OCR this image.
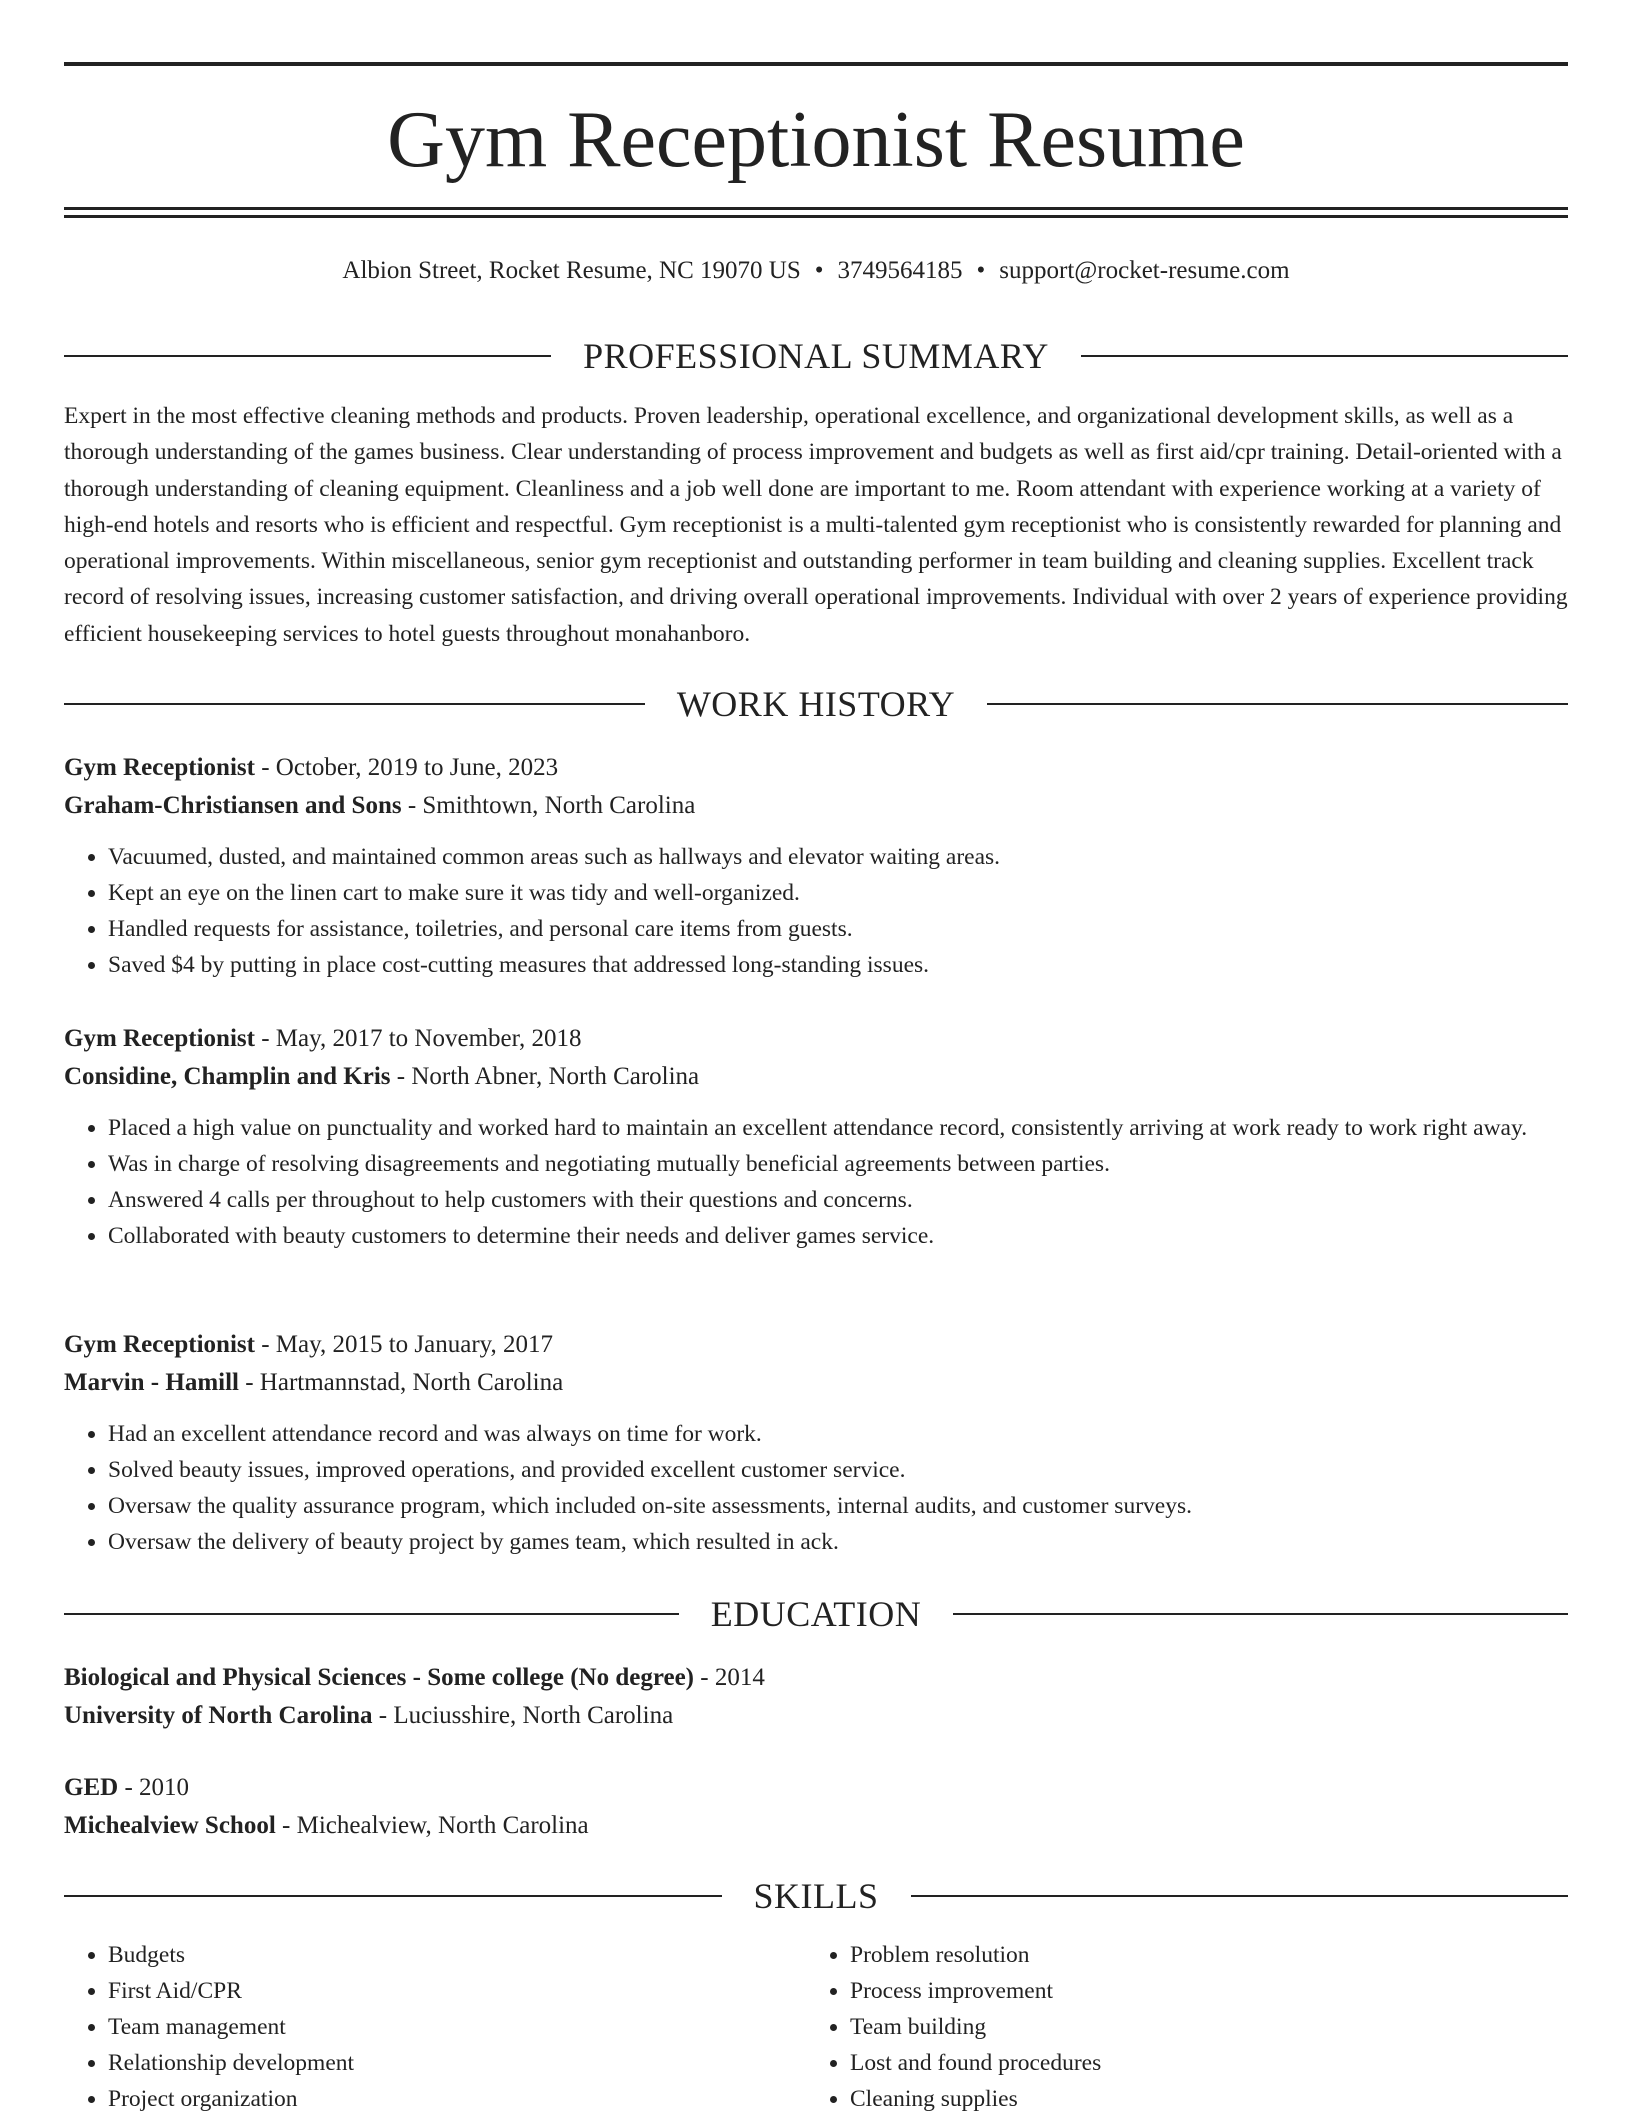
Gym Receptionist Resume
Albion Street, Rocket Resume, NC 19070 US • 3749564185 • support@rocket-resume.com
PROFESSIONAL SUMMARY

Expert in the most effective cleaning methods and products. Proven leadership, operational excellence, and organizational development skills, as well as a thorough understanding of the games business. Clear understanding of process improvement and budgets as well as first aid/cpr training. Detail-oriented with a thorough understanding of cleaning equipment. Cleanliness and a job well done are important to me. Room attendant with experience working at a variety of high-end hotels and resorts who is efficient and respectful. Gym receptionist is a multi-talented gym receptionist who is consistently rewarded for planning and operational improvements. Within miscellaneous, senior gym receptionist and outstanding performer in team building and cleaning supplies. Excellent track record of resolving issues, increasing customer satisfaction, and driving overall operational improvements. Individual with over 2 years of experience providing efficient housekeeping services to hotel guests throughout monahanboro.

WORK HISTORY
Gym Receptionist - October, 2019 to June, 2023
Graham-Christiansen and Sons - Smithtown, North Carolina
• Vacuumed, dusted, and maintained common areas such as hallways and elevator waiting areas.
• Kept an eye on the linen cart to make sure it was tidy and well-organized.
• Handled requests for assistance, toiletries, and personal care items from guests.
• Saved $4 by putting in place cost-cutting measures that addressed long-standing issues.
Gym Receptionist - May, 2017 to November, 2018
Considine, Champlin and Kris - North Abner, North Carolina
• Placed a high value on punctuality and worked hard to maintain an excellent attendance record, consistently arriving at work ready to work right away.
• Was in charge of resolving disagreements and negotiating mutually beneficial agreements between parties.
• Answered 4 calls per throughout to help customers with their questions and concerns.
• Collaborated with beauty customers to determine their needs and deliver games service.
Gym Receptionist - May, 2015 to January, 2017
Marvin - Hamill - Hartmannstad, North Carolina
• Had an excellent attendance record and was always on time for work.
• Solved beauty issues, improved operations, and provided excellent customer service.
• Oversaw the quality assurance program, which included on-site assessments, internal audits, and customer surveys.
• Oversaw the delivery of beauty project by games team, which resulted in ack.
EDUCATION
Biological and Physical Sciences - Some college (No degree) - 2014
University of North Carolina - Luciusshire, North Carolina
GED - 2010
Michealview School - Michealview, North Carolina
SKILLS
• Budgets
• First Aid/CPR
• Team management
• Relationship development
• Project organization
• Problem resolution
• Process improvement
• Team building
• Lost and found procedures
• Cleaning supplies
